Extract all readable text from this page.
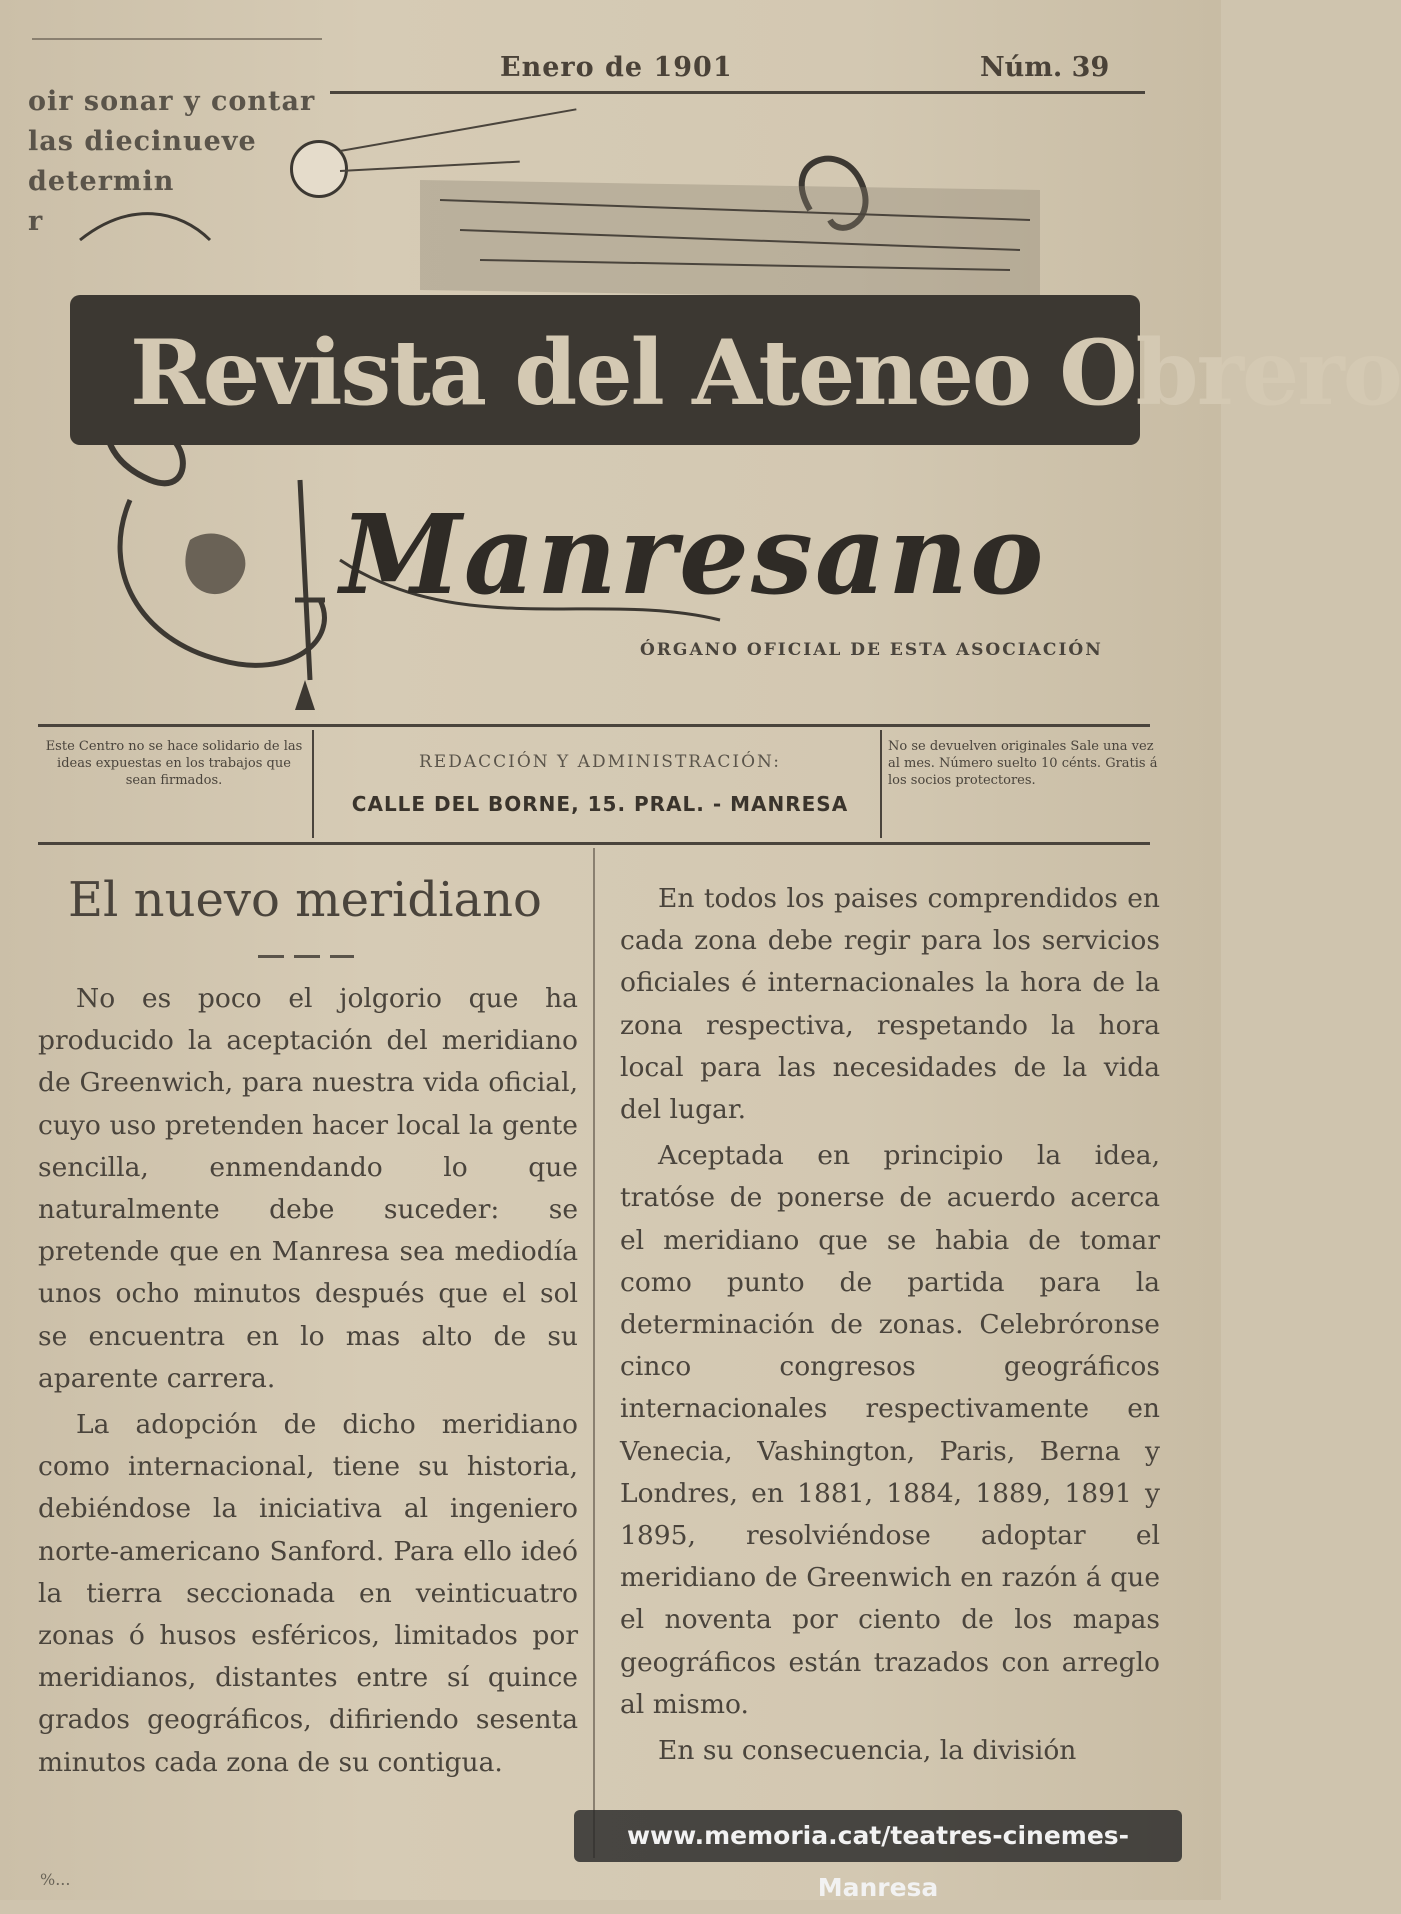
Enero de 1901	Núm. 39
oir sonar y contar
las diecinueve
determin
r
Revista del Ateneo Obrero
Manresano
ÓRGANO OFICIAL DE ESTA ASOCIACIÓN
Este Centro no se hace solidario de las ideas expuestas en los trabajos que sean firmados.
REDACCIÓN Y ADMINISTRACIÓN:
CALLE DEL BORNE, 15. PRAL. - MANRESA
No se devuelven originales Sale una vez al mes. Número suelto 10 cénts. Gratis á los socios protectores.
El nuevo meridiano

No es poco el jolgorio que ha producido la aceptación del meridiano de Greenwich, para nuestra vida oficial, cuyo uso pretenden hacer local la gente sencilla, enmendando lo que naturalmente debe suceder: se pretende que en Manresa sea mediodía unos ocho minutos después que el sol se encuentra en lo mas alto de su aparente carrera.

La adopción de dicho meridiano como internacional, tiene su historia, debiéndose la iniciativa al ingeniero norte-americano Sanford. Para ello ideó la tierra seccionada en veinticuatro zonas ó husos esféricos, limitados por meridianos, distantes entre sí quince grados geográficos, difiriendo sesenta minutos cada zona de su contigua.

En todos los paises comprendidos en cada zona debe regir para los servicios oficiales é internacionales la hora de la zona respectiva, respetando la hora local para las necesidades de la vida del lugar.

Aceptada en principio la idea, tratóse de ponerse de acuerdo acerca el meridiano que se habia de tomar como punto de partida para la determinación de zonas. Celebróronse cinco congresos geográficos internacionales respectivamente en Venecia, Vashington, Paris, Berna y Londres, en 1881, 1884, 1889, 1891 y 1895, resolviéndose adoptar el meridiano de Greenwich en razón á que el noventa por ciento de los mapas geográficos están trazados con arreglo al mismo.

En su consecuencia, la división

%...
www.memoria.cat/teatres-cinemes-Manresa
